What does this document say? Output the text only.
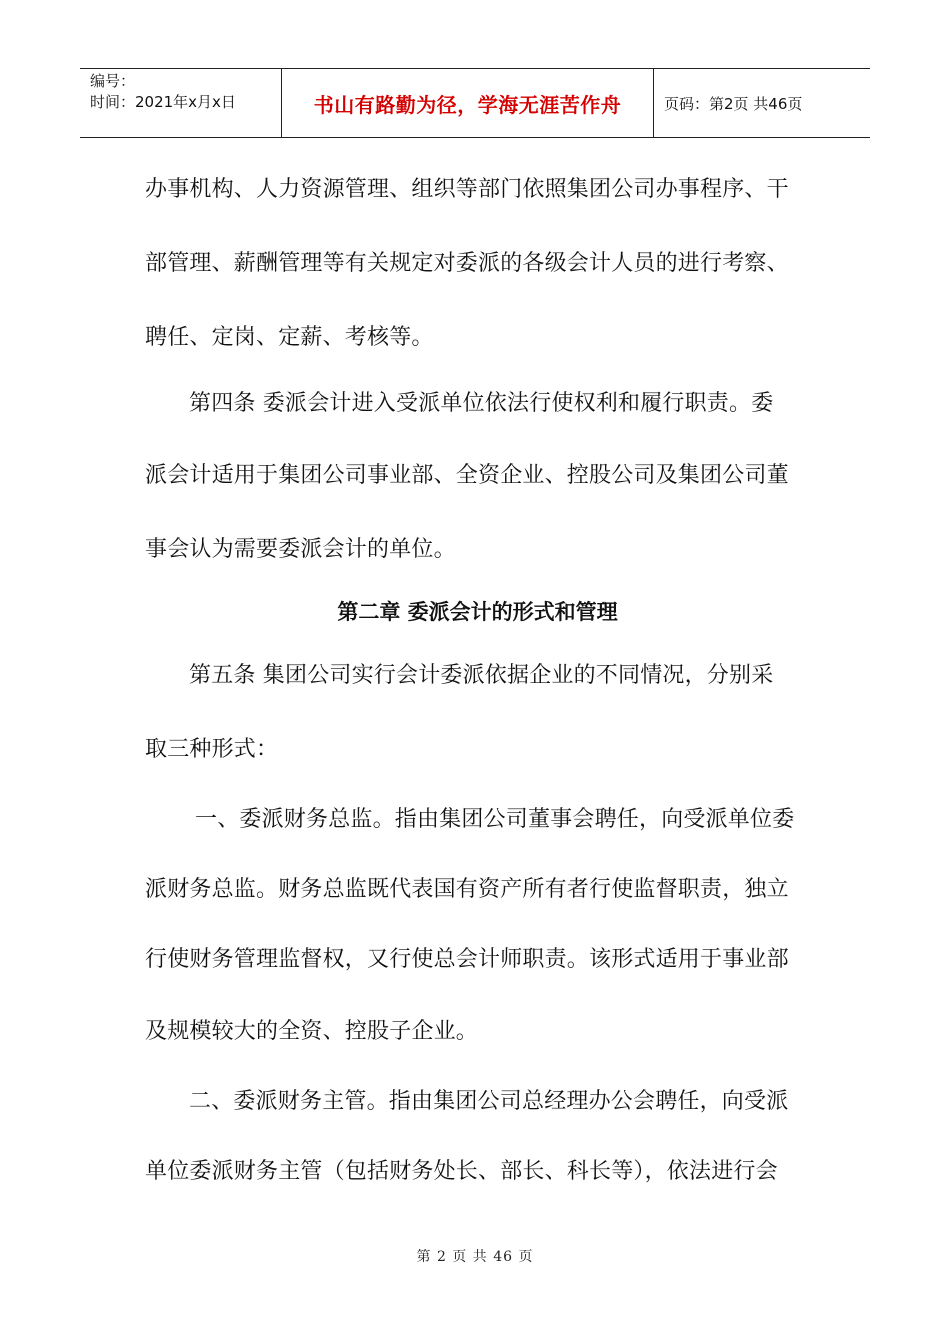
编号：
时间：2021年x月x日	书山有路勤为径，学海无涯苦作舟	页码：第2页 共46页
办事机构、人力资源管理、组织等部门依照集团公司办事程序、干
部管理、薪酬管理等有关规定对委派的各级会计人员的进行考察、
聘任、定岗、定薪、考核等。
第四条 委派会计进入受派单位依法行使权利和履行职责。委
派会计适用于集团公司事业部、全资企业、控股公司及集团公司董
事会认为需要委派会计的单位。
第二章 委派会计的形式和管理
第五条 集团公司实行会计委派依据企业的不同情况，分别采
取三种形式：
一、委派财务总监。指由集团公司董事会聘任，向受派单位委
派财务总监。财务总监既代表国有资产所有者行使监督职责，独立
行使财务管理监督权，又行使总会计师职责。该形式适用于事业部
及规模较大的全资、控股子企业。
二、委派财务主管。指由集团公司总经理办公会聘任，向受派
单位委派财务主管（包括财务处长、部长、科长等），依法进行会
第 2 页 共 46 页
